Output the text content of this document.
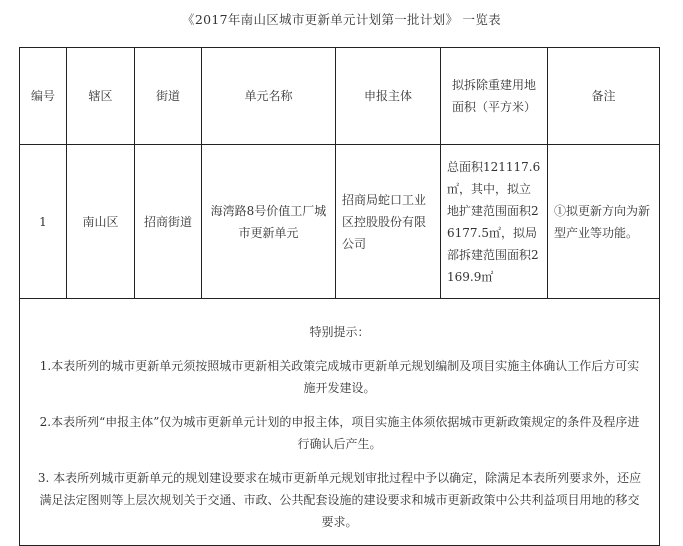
《2017年南山区城市更新单元计划第一批计划》 一览表
编号	辖区	街道	单元名称	申报主体	拟拆除重建用地面积（平方米）	备注
1	南山区	招商街道	海湾路8号价值工厂城市更新单元	招商局蛇口工业区控股股份有限公司	总面积121117.6㎡，其中，拟立地扩建范围面积26177.5㎡，拟局部拆建范围面积2169.9㎡	①拟更新方向为新型产业等功能。

特别提示：
1.本表所列的城市更新单元须按照城市更新相关政策完成城市更新单元规划编制及项目实施主体确认工作后方可实施开发建设。
2.本表所列“申报主体”仅为城市更新单元计划的申报主体，项目实施主体须依据城市更新政策规定的条件及程序进行确认后产生。
3. 本表所列城市更新单元的规划建设要求在城市更新单元规划审批过程中予以确定，除满足本表所列要求外，还应满足法定图则等上层次规划关于交通、市政、公共配套设施的建设要求和城市更新政策中公共利益项目用地的移交要求。						
